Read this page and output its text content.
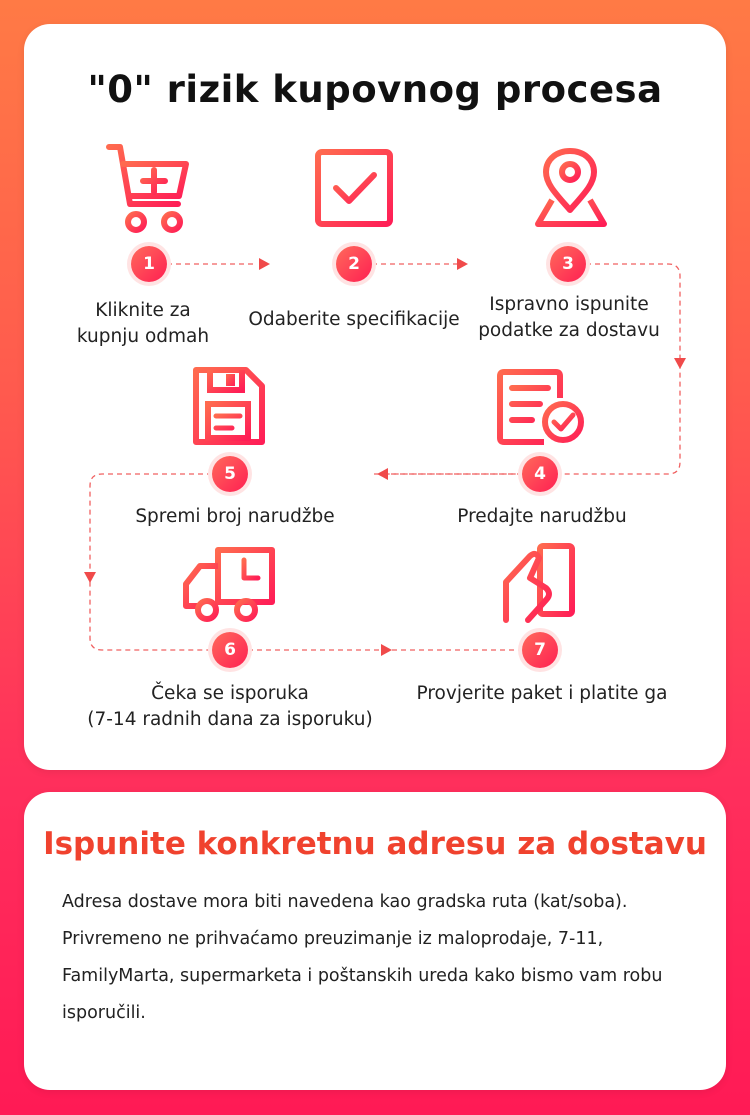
"0" rizik kupovnog procesa
1	2	3
4
5
6	7
Kliknite za
kupnju odmah
Odaberite specifikacije
Ispravno ispunite
podatke za dostavu
Predajte narudžbu
Spremi broj narudžbe
Čeka se isporuka
(7-14 radnih dana za isporuku)
Provjerite paket i platite ga
Ispunite konkretnu adresu za dostavu
Adresa dostave mora biti navedena kao gradska ruta (kat/soba). Privremeno ne prihvaćamo preuzimanje iz maloprodaje, 7-11, FamilyMarta, supermarketa i poštanskih ureda kako bismo vam robu isporučili.
